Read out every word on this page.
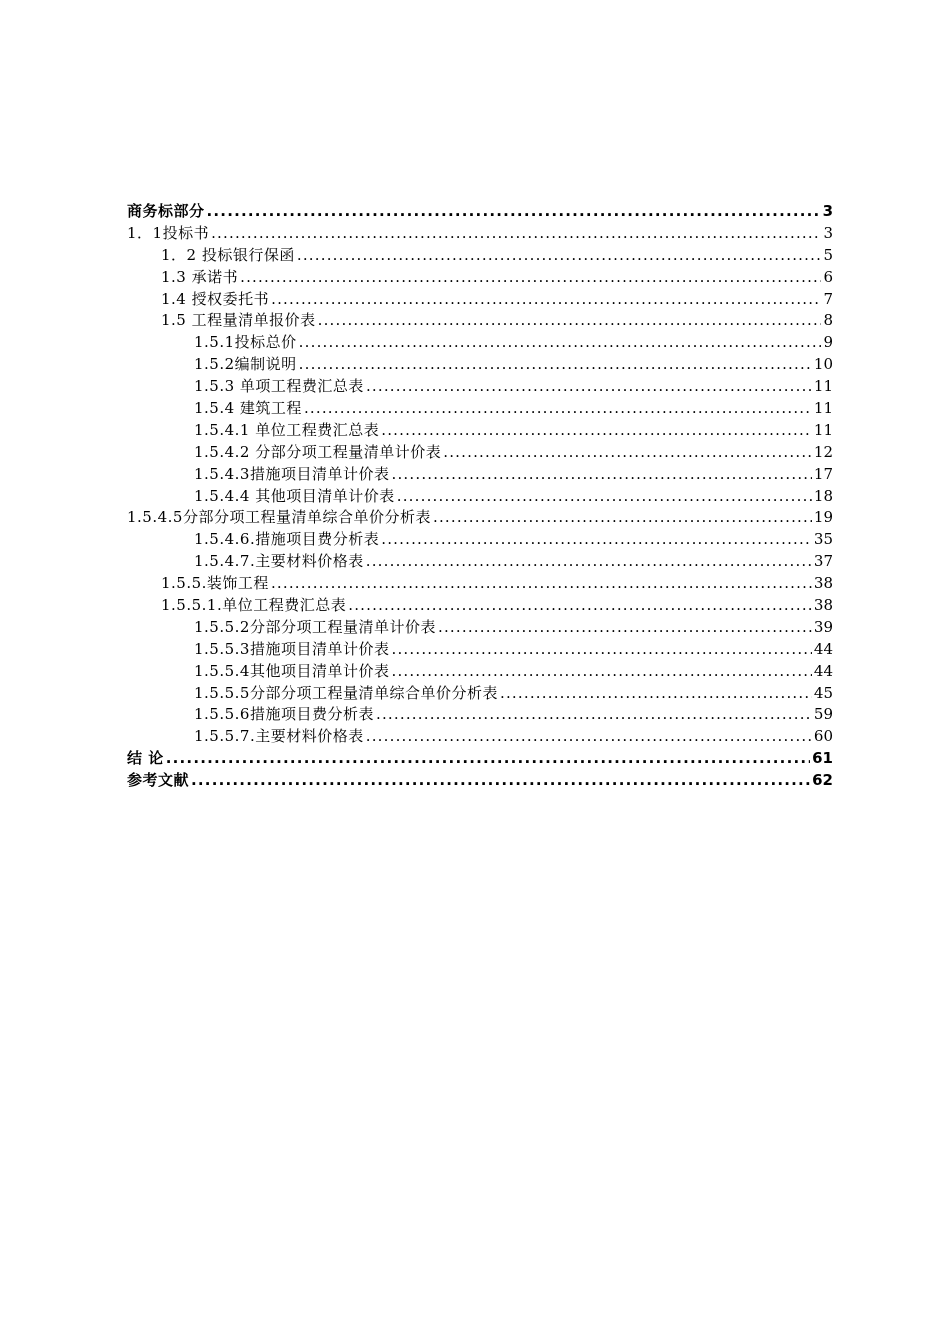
商务标部分 .....	3
1．1投标书 .....	3
1．2 投标银行保函 .....	5
1.3 承诺书 .....	6
1.4 授权委托书 .....	7
1.5 工程量清单报价表 .....	8
1.5.1投标总价 .....	9
1.5.2编制说明 .....	10
1.5.3 单项工程费汇总表 .....	11
1.5.4 建筑工程 .....	11
1.5.4.1 单位工程费汇总表 .....	11
1.5.4.2 分部分项工程量清单计价表 .....	12
1.5.4.3措施项目清单计价表 .....	17
1.5.4.4 其他项目清单计价表 .....	18
1.5.4.5分部分项工程量清单综合单价分析表 .....	19
1.5.4.6.措施项目费分析表 .....	35
1.5.4.7.主要材料价格表 .....	37
1.5.5.装饰工程 .....	38
1.5.5.1.单位工程费汇总表 .....	38
1.5.5.2分部分项工程量清单计价表 .....	39
1.5.5.3措施项目清单计价表 .....	44
1.5.5.4其他项目清单计价表 .....	44
1.5.5.5分部分项工程量清单综合单价分析表 .....	45
1.5.5.6措施项目费分析表 .....	59
1.5.5.7.主要材料价格表 .....	60
结 论 .....	61
参考文献 .....	62
